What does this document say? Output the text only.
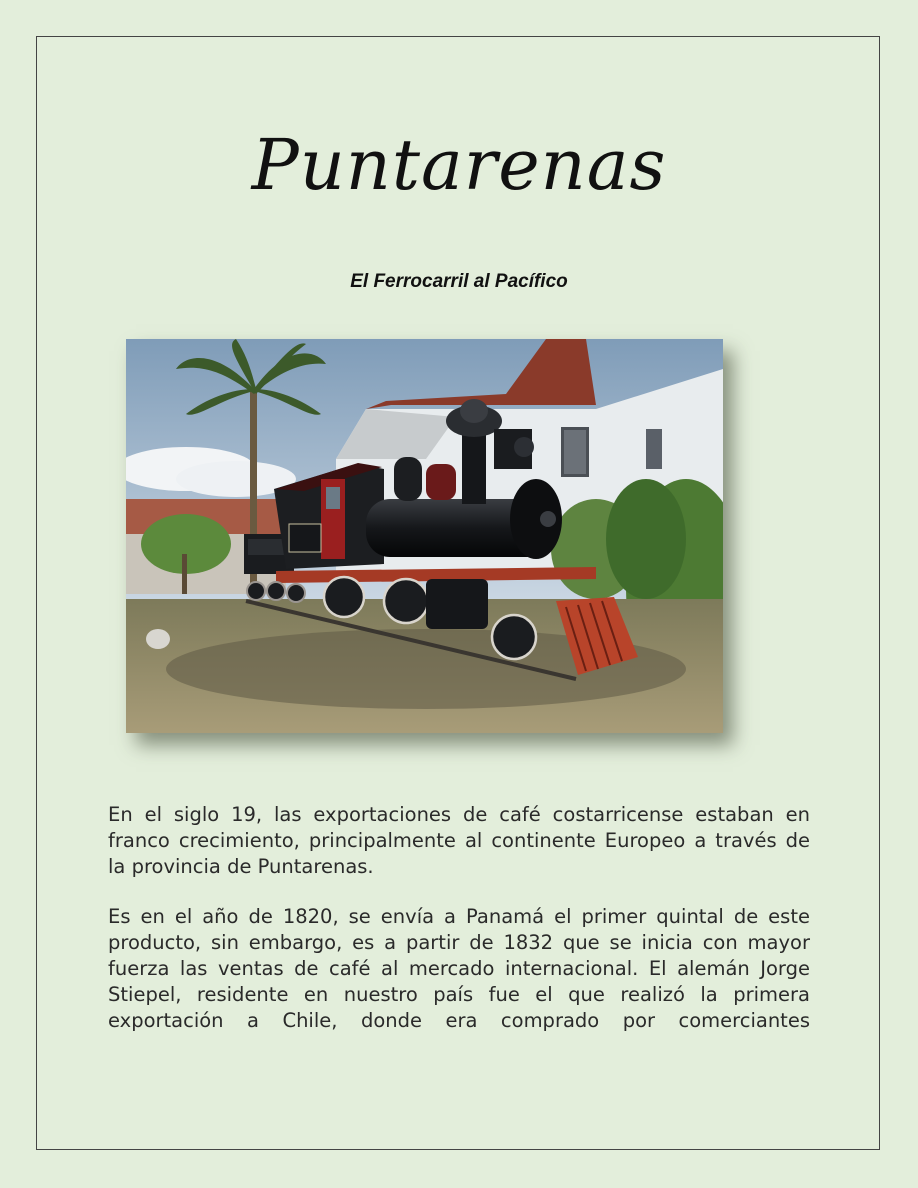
Puntarenas
El Ferrocarril al Pacífico

En el siglo 19, las exportaciones de café costarricense estaban en franco crecimiento, principalmente al continente Europeo a través de la provincia de Puntarenas.

Es en el año de 1820, se envía a Panamá el primer quintal de este producto, sin embargo, es a partir de 1832 que se inicia con mayor fuerza las ventas de café al mercado internacional. El alemán Jorge Stiepel, residente en nuestro país fue el que realizó la primera exportación a Chile, donde era comprado por comerciantes
